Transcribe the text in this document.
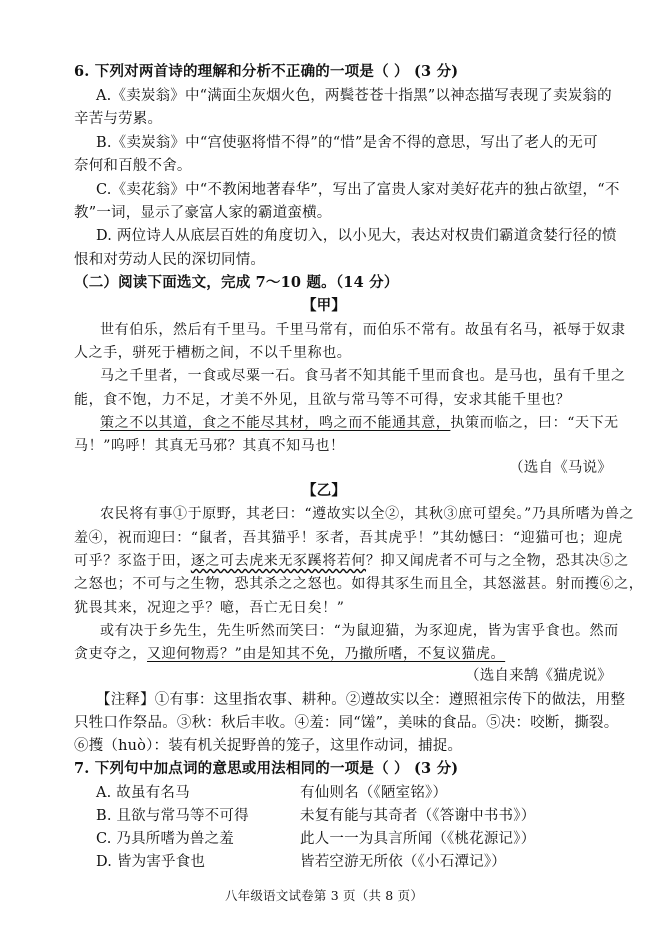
6. 下列对两首诗的理解和分析不正确的一项是（ ） (3 分)
A.《卖炭翁》中“满面尘灰烟火色，两鬓苍苍十指黑”以神态描写表现了卖炭翁的
辛苦与劳累。
B.《卖炭翁》中“宫使驱将惜不得”的“惜”是舍不得的意思，写出了老人的无可
奈何和百般不舍。
C.《卖花翁》中“不教闲地著春华”，写出了富贵人家对美好花卉的独占欲望，“不
教”一词，显示了豪富人家的霸道蛮横。
D. 两位诗人从底层百姓的角度切入，以小见大，表达对权贵们霸道贪婪行径的愤
恨和对劳动人民的深切同情。
（二）阅读下面选文，完成 7～10 题。（14 分）
【甲】
世有伯乐，然后有千里马。千里马常有，而伯乐不常有。故虽有名马，祇辱于奴隶
人之手，骈死于槽枥之间，不以千里称也。
马之千里者，一食或尽粟一石。食马者不知其能千里而食也。是马也，虽有千里之
能，食不饱，力不足，才美不外见，且欲与常马等不可得，安求其能千里也？
策之不以其道，食之不能尽其材，鸣之而不能通其意，执策而临之，曰：“天下无
马！”呜呼！其真无马邪？其真不知马也！
（选自《马说》
【乙】
农民将有事①于原野，其老曰：“遵故实以全②，其秋③庶可望矣。”乃具所嗜为兽之
羞④，祝而迎曰：“鼠者，吾其猫乎！豕者，吾其虎乎！”其幼憾曰：“迎猫可也；迎虎
可乎？豕盗于田，逐之可去虎来无豕蹊将若何？抑又闻虎者不可与之全物，恐其决⑤之
之怒也；不可与之生物，恐其杀之之怒也。如得其豕生而且全，其怒滋甚。射而擭⑥之，
犹畏其来，况迎之乎？噫，吾亡无日矣！”
或有决于乡先生，先生听然而笑曰：“为鼠迎猫，为豕迎虎，皆为害乎食也。然而
贪吏夺之，又迎何物焉？”由是知其不免，乃撤所嗜，不复议猫虎。
（选自来鹄《猫虎说》
【注释】①有事：这里指农事、耕种。②遵故实以全：遵照祖宗传下的做法，用整
只牲口作祭品。③秋：秋后丰收。④羞：同“馐”，美味的食品。⑤决：咬断，撕裂。
⑥擭（huò）：装有机关捉野兽的笼子，这里作动词，捕捉。
7. 下列句中加点词的意思或用法相同的一项是（ ） (3 分)
A. 故虽有名马	有仙则名（《陋室铭》）
B. 且欲与常马等不可得	未复有能与其奇者（《答谢中书书》）
C. 乃具所嗜为兽之羞	此人一一为具言所闻（《桃花源记》）
D. 皆为害乎食也	皆若空游无所依（《小石潭记》）
八年级语文试卷第 3 页（共 8 页）
